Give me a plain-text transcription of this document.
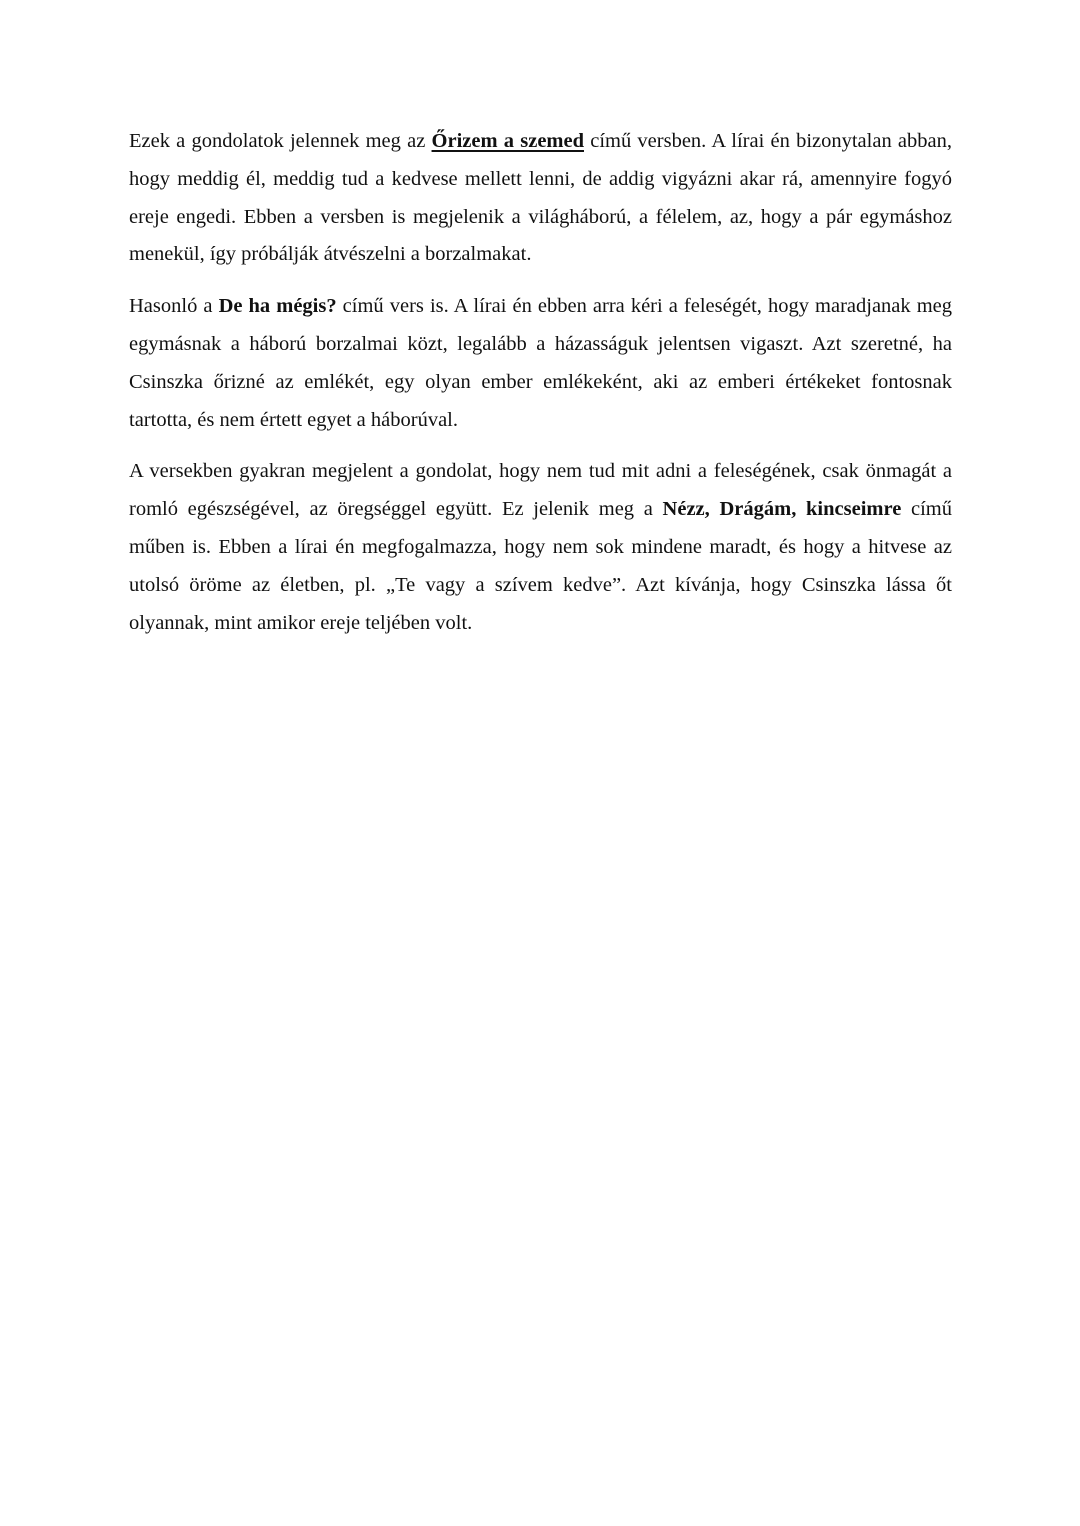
Ezek a gondolatok jelennek meg az Őrizem a szemed című versben. A lírai én bizonytalan abban, hogy meddig él, meddig tud a kedvese mellett lenni, de addig vigyázni akar rá, amennyire fogyó ereje engedi. Ebben a versben is megjelenik a világháború, a félelem, az, hogy a pár egymáshoz menekül, így próbálják átvészelni a borzalmakat.

Hasonló a De ha mégis? című vers is. A lírai én ebben arra kéri a feleségét, hogy maradjanak meg egymásnak a háború borzalmai közt, legalább a házasságuk jelentsen vigaszt. Azt szeretné, ha Csinszka őrizné az emlékét, egy olyan ember emlékeként, aki az emberi értékeket fontosnak tartotta, és nem értett egyet a háborúval.

A versekben gyakran megjelent a gondolat, hogy nem tud mit adni a feleségének, csak önmagát a romló egészségével, az öregséggel együtt. Ez jelenik meg a Nézz, Drágám, kincseimre című műben is. Ebben a lírai én megfogalmazza, hogy nem sok mindene maradt, és hogy a hitvese az utolsó öröme az életben, pl. „Te vagy a szívem kedve”. Azt kívánja, hogy Csinszka lássa őt olyannak, mint amikor ereje teljében volt.
